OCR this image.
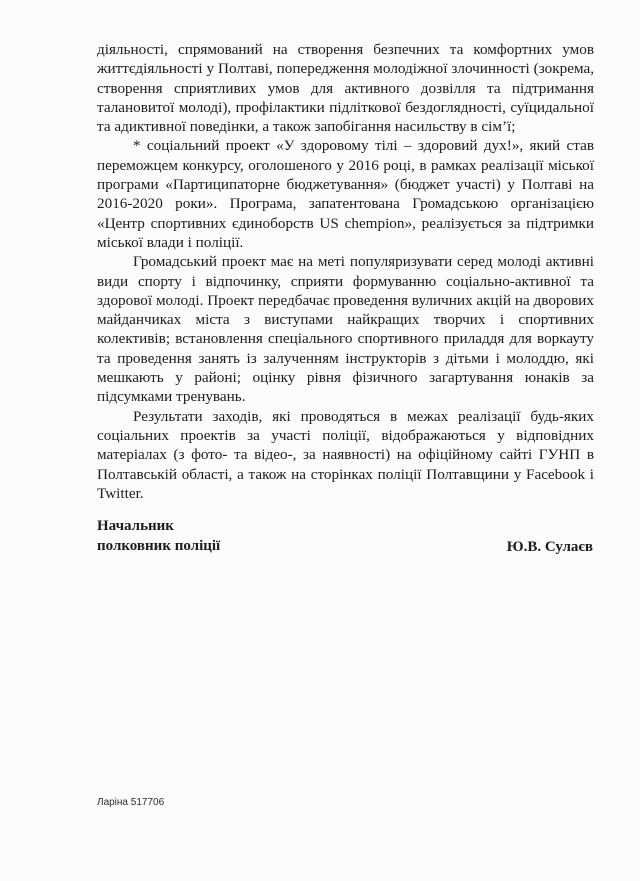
діяльності, спрямований на створення безпечних та комфортних умов життєдіяльності у Полтаві, попередження молодіжної злочинності (зокрема, створення сприятливих умов для активного дозвілля та підтримання талановитої молоді), профілактики підліткової бездоглядності, суїцидальної та адиктивної поведінки, а також запобігання насильству в сім’ї;

* соціальний проект «У здоровому тілі – здоровий дух!», який став переможцем конкурсу, оголошеного у 2016 році, в рамках реалізації міської програми «Партиципаторне бюджетування» (бюджет участі) у Полтаві на 2016-2020 роки». Програма, запатентована Громадською організацією «Центр спортивних єдиноборств US chempion», реалізується за підтримки міської влади і поліції.

Громадський проект має на меті популяризувати серед молоді активні види спорту і відпочинку, сприяти формуванню соціально-активної та здорової молоді. Проект передбачає проведення вуличних акцій на дворових майданчиках міста з виступами найкращих творчих і спортивних колективів; встановлення спеціального спортивного приладдя для воркауту та проведення занять із залученням інструкторів з дітьми і молоддю, які мешкають у районі; оцінку рівня фізичного загартування юнаків за підсумками тренувань.

Результати заходів, які проводяться в межах реалізації будь-яких соціальних проектів за участі поліції, відображаються у відповідних матеріалах (з фото- та відео-, за наявності) на офіційному сайті ГУНП в Полтавській області, а також на сторінках поліції Полтавщини у Facebook і Twitter.

Начальник
полковник поліції	Ю.В. Сулаєв
Ларіна 517706
